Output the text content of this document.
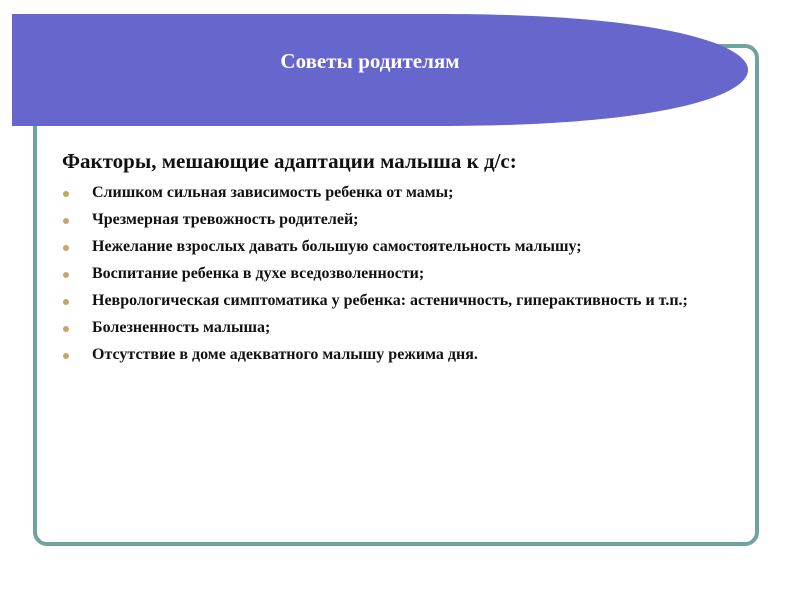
Советы родителям
Факторы, мешающие адаптации малыша к д/с:
Слишком сильная зависимость ребенка от мамы;
Чрезмерная тревожность родителей;
Нежелание взрослых давать большую самостоятельность малышу;
Воспитание ребенка в духе вседозволенности;
Неврологическая симптоматика у ребенка: астеничность, гиперактивность и т.п.;
Болезненность малыша;
Отсутствие в доме адекватного малышу режима дня.
